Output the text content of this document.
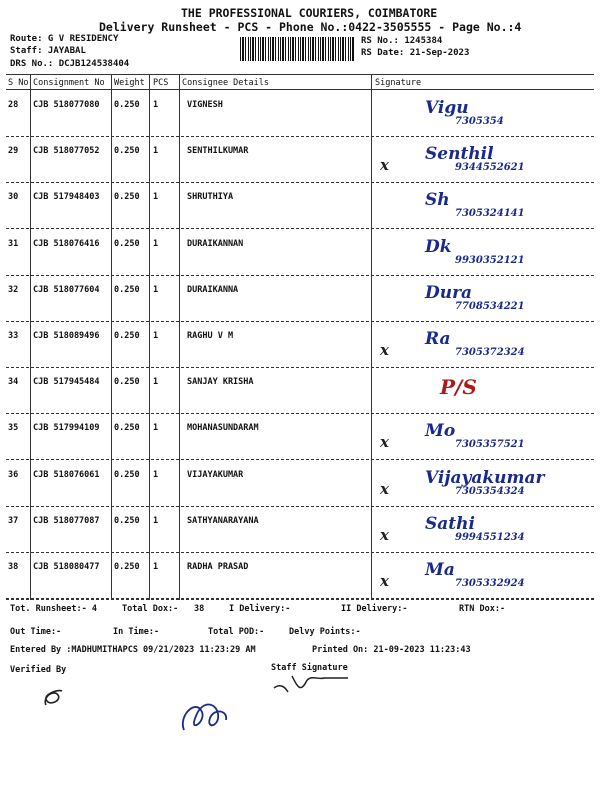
THE PROFESSIONAL COURIERS, COIMBATORE
Delivery Runsheet - PCS - Phone No.:0422-3505555 - Page No.:4
Route: G V RESIDENCY
Staff: JAYABAL
DRS No.: DCJB124538404
RS No.: 1245384
RS Date: 21-Sep-2023
S No Consignment No Weight PCS Consignee Details	Signature
28 CJB 518077080 0.250 1	VIGNESH	Vigu
7305354
29 CJB 518077052 0.250 1	SENTHILKUMAR
x
Senthil
9344552621
30 CJB 517948403 0.250 1	SHRUTHIYA	Sh
7305324141
31 CJB 518076416 0.250 1	DURAIKANNAN	Dk
9930352121
32 CJB 518077604 0.250 1	DURAIKANNA	Dura
7708534221
33 CJB 518089496 0.250 1	RAGHU V M
x
Ra
7305372324
34 CJB 517945484 0.250 1	SANJAY KRISHA	P/S
35 CJB 517994109 0.250 1	MOHANASUNDARAM
x
Mo
7305357521
36 CJB 518076061 0.250 1	VIJAYAKUMAR
x
Vijayakumar
7305354324
37 CJB 518077087 0.250 1	SATHYANARAYANA
x
Sathi
9994551234
38 CJB 518080477 0.250 1	RADHA PRASAD
x
Ma
7305332924
Tot. Runsheet:- 4	Total Dox:- 38	I Delivery:-	II Delivery:-	RTN Dox:-
Out Time:-	In Time:-	Total POD:-	Delvy Points:-
Entered By :MADHUMITHAPCS 09/21/2023 11:23:29 AM	Printed On: 21-09-2023 11:23:43
Verified By	Staff Signature
